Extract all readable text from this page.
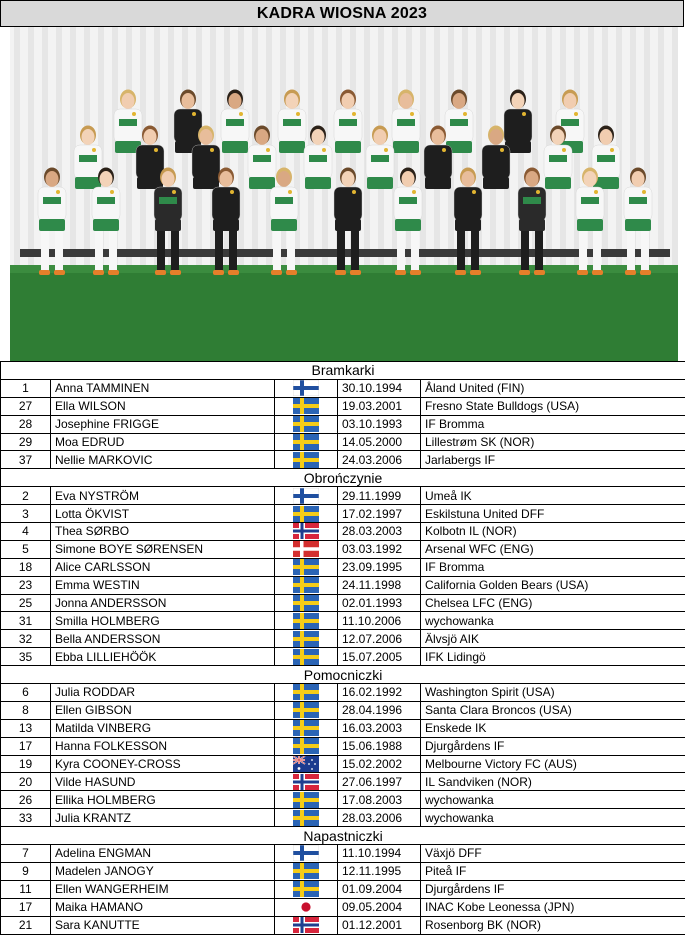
KADRA WIOSNA 2023
Bramkarki				
1	Anna TAMMINEN		30.10.1994	Åland United (FIN)
27	Ella WILSON		19.03.2001	Fresno State Bulldogs (USA)
28	Josephine FRIGGE		03.10.1993	IF Bromma
29	Moa EDRUD		14.05.2000	Lillestrøm SK (NOR)
37	Nellie MARKOVIC		24.03.2006	Jarlabergs IF
Obrończynie				
2	Eva NYSTRÖM		29.11.1999	Umeå IK
3	Lotta ÖKVIST		17.02.1997	Eskilstuna United DFF
4	Thea SØRBO		28.03.2003	Kolbotn IL (NOR)
5	Simone BOYE SØRENSEN		03.03.1992	Arsenal WFC (ENG)
18	Alice CARLSSON		23.09.1995	IF Bromma
23	Emma WESTIN		24.11.1998	California Golden Bears (USA)
25	Jonna ANDERSSON		02.01.1993	Chelsea LFC (ENG)
31	Smilla HOLMBERG		11.10.2006	wychowanka
32	Bella ANDERSSON		12.07.2006	Älvsjö AIK
35	Ebba LILLIEHÖÖK		15.07.2005	IFK Lidingö
Pomocniczki				
6	Julia RODDAR		16.02.1992	Washington Spirit (USA)
8	Ellen GIBSON		28.04.1996	Santa Clara Broncos (USA)
13	Matilda VINBERG		16.03.2003	Enskede IK
17	Hanna FOLKESSON		15.06.1988	Djurgårdens IF
19	Kyra COONEY-CROSS		15.02.2002	Melbourne Victory FC (AUS)
20	Vilde HASUND		27.06.1997	IL Sandviken (NOR)
26	Ellika HOLMBERG		17.08.2003	wychowanka
33	Julia KRANTZ		28.03.2006	wychowanka
Napastniczki				
7	Adelina ENGMAN		11.10.1994	Växjö DFF
9	Madelen JANOGY		12.11.1995	Piteå IF
11	Ellen WANGERHEIM		01.09.2004	Djurgårdens IF
17	Maika HAMANO		09.05.2004	INAC Kobe Leonessa (JPN)
21	Sara KANUTTE		01.12.2001	Rosenborg BK (NOR)
